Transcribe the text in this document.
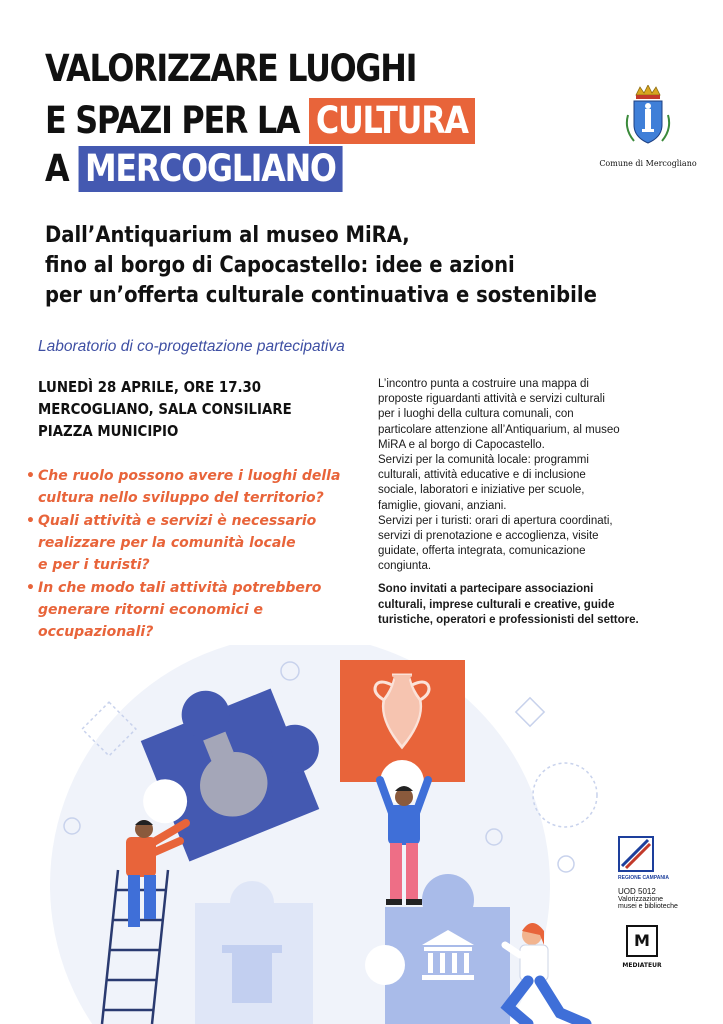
VALORIZZARE LUOGHI
E SPAZI PER LA CULTURA
A MERCOGLIANO	Comune di Mercogliano
Dall’Antiquarium al museo MiRA,
fino al borgo di Capocastello: idee e azioni
per un’offerta culturale continuativa e sostenibile
Laboratorio di co-progettazione partecipativa
LUNEDÌ 28 APRILE, ORE 17.30
MERCOGLIANO, SALA CONSILIARE
PIAZZA MUNICIPIO
• Che ruolo possono avere i luoghi della
cultura nello sviluppo del territorio?
• Quali attività e servizi è necessario
realizzare per la comunità locale
e per i turisti?
• In che modo tali attività potrebbero
generare ritorni economici e
occupazionali?
L’incontro punta a costruire una mappa di
proposte riguardanti attività e servizi culturali
per i luoghi della cultura comunali, con
particolare attenzione all’Antiquarium, al museo
MiRA e al borgo di Capocastello.
Servizi per la comunità locale: programmi
culturali, attività educative e di inclusione
sociale, laboratori e iniziative per scuole,
famiglie, giovani, anziani.
Servizi per i turisti: orari di apertura coordinati,
servizi di prenotazione e accoglienza, visite
guidate, offerta integrata, comunicazione
congiunta.
Sono invitati a partecipare associazioni
culturali, imprese culturali e creative, guide
turistiche, operatori e professionisti del settore.
REGIONE CAMPANIA
UOD 5012
Valorizzazione
musei e biblioteche
M
MEDIATEUR
